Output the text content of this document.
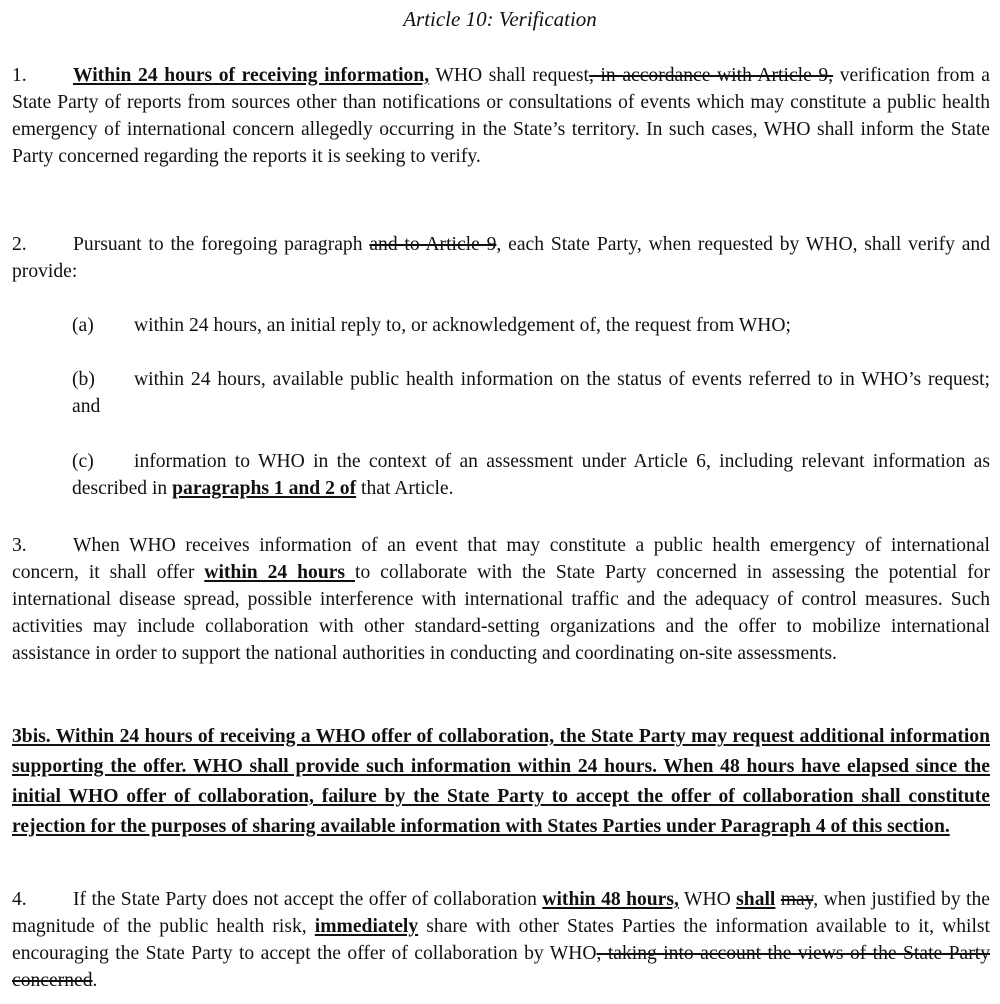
Article 10: Verification
1. Within 24 hours of receiving information, WHO shall request, in accordance with Article 9, verification from a State Party of reports from sources other than notifications or consultations of events which may constitute a public health emergency of international concern allegedly occurring in the State’s territory. In such cases, WHO shall inform the State Party concerned regarding the reports it is seeking to verify.
2. Pursuant to the foregoing paragraph and to Article 9, each State Party, when requested by WHO, shall verify and provide:
(a) within 24 hours, an initial reply to, or acknowledgement of, the request from WHO;
(b) within 24 hours, available public health information on the status of events referred to in WHO’s request; and
(c) information to WHO in the context of an assessment under Article 6, including relevant information as described in paragraphs 1 and 2 of that Article.
3. When WHO receives information of an event that may constitute a public health emergency of international concern, it shall offer within 24 hours to collaborate with the State Party concerned in assessing the potential for international disease spread, possible interference with international traffic and the adequacy of control measures. Such activities may include collaboration with other standard-setting organizations and the offer to mobilize international assistance in order to support the national authorities in conducting and coordinating on-site assessments.
3bis. Within 24 hours of receiving a WHO offer of collaboration, the State Party may request additional information supporting the offer. WHO shall provide such information within 24 hours. When 48 hours have elapsed since the initial WHO offer of collaboration, failure by the State Party to accept the offer of collaboration shall constitute rejection for the purposes of sharing available information with States Parties under Paragraph 4 of this section.
4. If the State Party does not accept the offer of collaboration within 48 hours, WHO shall may, when justified by the magnitude of the public health risk, immediately share with other States Parties the information available to it, whilst encouraging the State Party to accept the offer of collaboration by WHO, taking into account the views of the State Party concerned.
